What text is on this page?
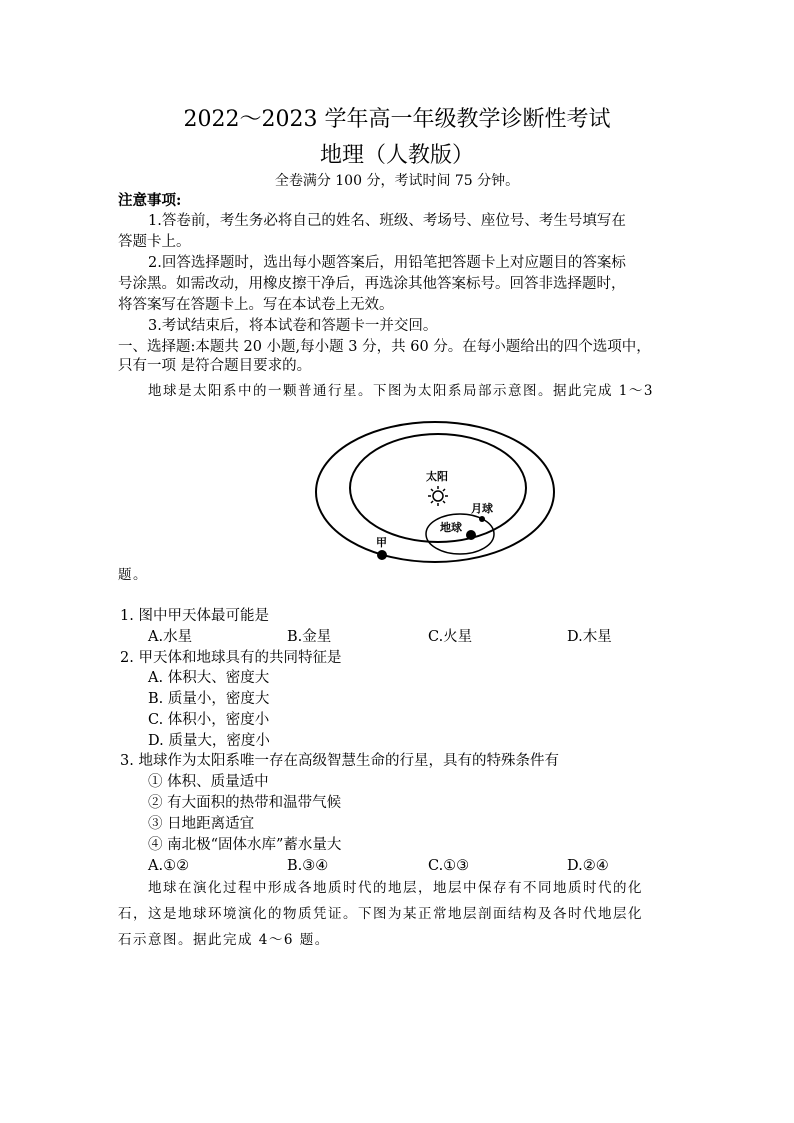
2022〜2023 学年高一年级教学诊断性考试
地理（人教版）
全卷满分 100 分，考试时间 75 分钟。
注意事项:
1.答卷前，考生务必将自己的姓名、班级、考场号、座位号、考生号填写在
答题卡上。
2.回答选择题时，选出每小题答案后，用铅笔把答题卡上对应题目的答案标
号涂黑。如需改动，用橡皮擦干净后，再选涂其他答案标号。回答非选择题时，
将答案写在答题卡上。写在本试卷上无效。
3.考试结束后，将本试卷和答题卡一并交回。
一、选择题:本题共 20 小题,每小题 3 分，共 60 分。在每小题给出的四个选项中，
只有一项 是符合题目要求的。
地球是太阳系中的一颗普通行星。下图为太阳系局部示意图。据此完成 1〜3
太阳
地球
月球
甲
题。
1. 图中甲天体最可能是
A.水星	B.金星	C.火星	D.木星
2. 甲天体和地球具有的共同特征是
A. 体积大、密度大
B. 质量小，密度大
C. 体积小，密度小
D. 质量大，密度小
3. 地球作为太阳系唯一存在高级智慧生命的行星，具有的特殊条件有
① 体积、质量适中
② 有大面积的热带和温带气候
③ 日地距离适宜
④ 南北极“固体水库”蓄水量大
A.①②	B.③④	C.①③	D.②④
地球在演化过程中形成各地质时代的地层，地层中保存有不同地质时代的化
石，这是地球环境演化的物质凭证。下图为某正常地层剖面结构及各时代地层化
石示意图。据此完成 4〜6 题。
